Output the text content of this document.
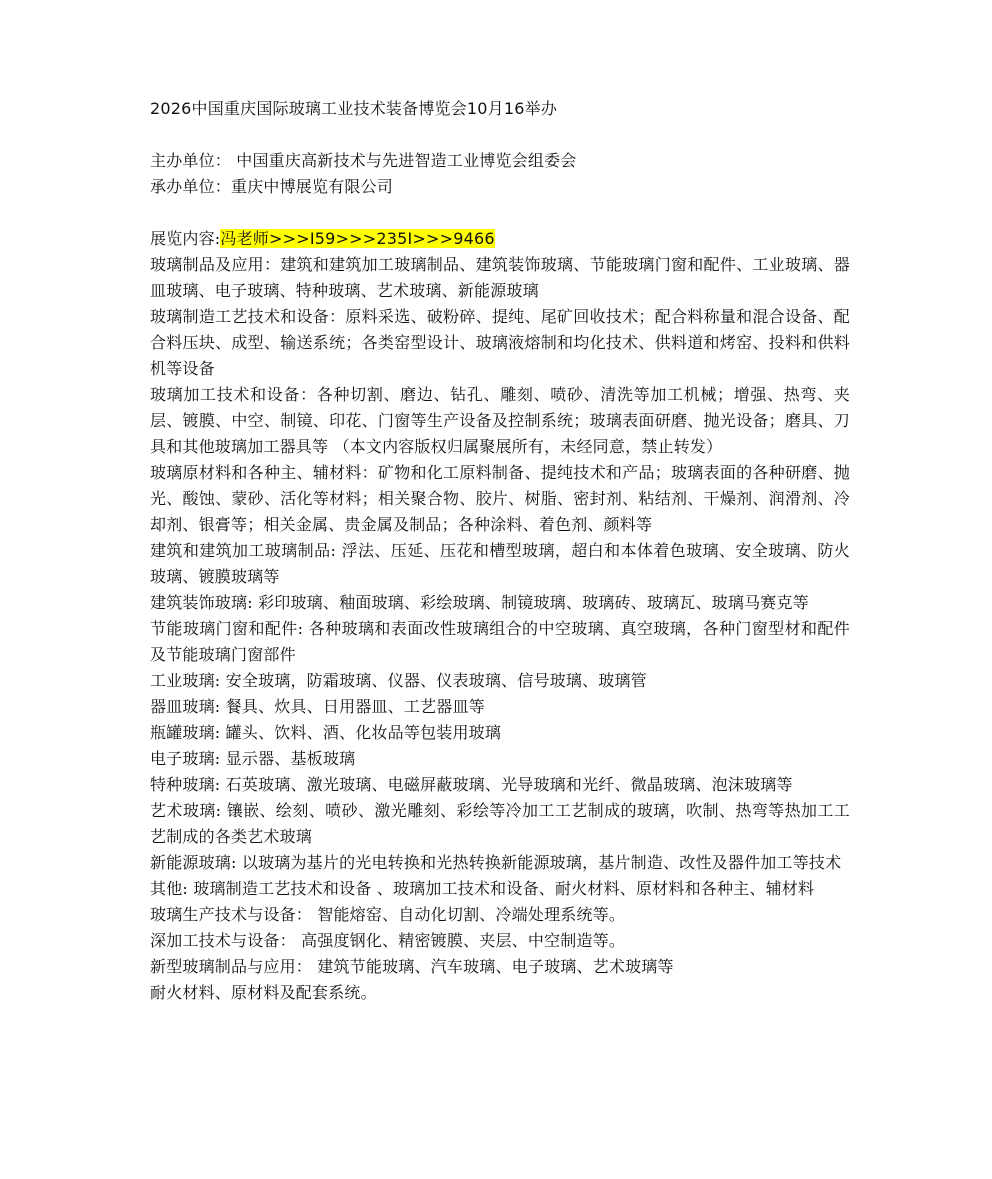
2026中国重庆国际玻璃工业技术装备博览会10月16举办
主办单位： 中国重庆高新技术与先进智造工业博览会组委会
承办单位：重庆中博展览有限公司
展览内容:冯老师>>>I59>>>235I>>>9466
玻璃制品及应用：建筑和建筑加工玻璃制品、建筑装饰玻璃、节能玻璃门窗和配件、工业玻璃、器皿玻璃、电子玻璃、特种玻璃、艺术玻璃、新能源玻璃
玻璃制造工艺技术和设备：原料采选、破粉碎、提纯、尾矿回收技术；配合料称量和混合设备、配合料压块、成型、输送系统；各类窑型设计、玻璃液熔制和均化技术、供料道和烤窑、投料和供料机等设备
玻璃加工技术和设备：各种切割、磨边、钻孔、雕刻、喷砂、清洗等加工机械；增强、热弯、夹层、镀膜、中空、制镜、印花、门窗等生产设备及控制系统；玻璃表面研磨、抛光设备；磨具、刀具和其他玻璃加工器具等 （本文内容版权归属聚展所有，未经同意，禁止转发）
玻璃原材料和各种主、辅材料：矿物和化工原料制备、提纯技术和产品；玻璃表面的各种研磨、抛光、酸蚀、蒙砂、活化等材料；相关聚合物、胶片、树脂、密封剂、粘结剂、干燥剂、润滑剂、冷却剂、银膏等；相关金属、贵金属及制品；各种涂料、着色剂、颜料等
建筑和建筑加工玻璃制品: 浮法、压延、压花和槽型玻璃，超白和本体着色玻璃、安全玻璃、防火玻璃、镀膜玻璃等
建筑装饰玻璃: 彩印玻璃、釉面玻璃、彩绘玻璃、制镜玻璃、玻璃砖、玻璃瓦、玻璃马赛克等
节能玻璃门窗和配件: 各种玻璃和表面改性玻璃组合的中空玻璃、真空玻璃，各种门窗型材和配件及节能玻璃门窗部件
工业玻璃: 安全玻璃，防霜玻璃、仪器、仪表玻璃、信号玻璃、玻璃管
器皿玻璃: 餐具、炊具、日用器皿、工艺器皿等
瓶罐玻璃: 罐头、饮料、酒、化妆品等包装用玻璃
电子玻璃: 显示器、基板玻璃
特种玻璃: 石英玻璃、激光玻璃、电磁屏蔽玻璃、光导玻璃和光纤、微晶玻璃、泡沫玻璃等
艺术玻璃: 镶嵌、绘刻、喷砂、激光雕刻、彩绘等冷加工工艺制成的玻璃，吹制、热弯等热加工工艺制成的各类艺术玻璃
新能源玻璃: 以玻璃为基片的光电转换和光热转换新能源玻璃，基片制造、改性及器件加工等技术
其他: 玻璃制造工艺技术和设备 、玻璃加工技术和设备、耐火材料、原材料和各种主、辅材料
玻璃生产技术与设备： 智能熔窑、自动化切割、冷端处理系统等。
深加工技术与设备： 高强度钢化、精密镀膜、夹层、中空制造等。
新型玻璃制品与应用： 建筑节能玻璃、汽车玻璃、电子玻璃、艺术玻璃等
耐火材料、原材料及配套系统。
